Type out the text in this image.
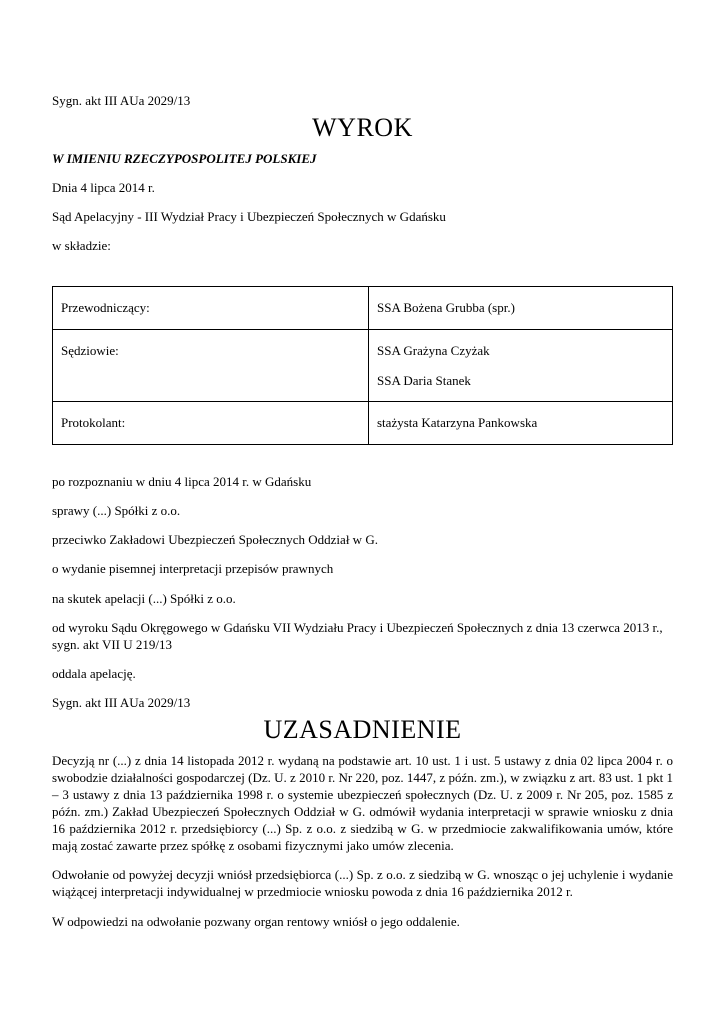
Sygn. akt III AUa 2029/13
WYROK
W IMIENIU RZECZYPOSPOLITEJ POLSKIEJ
Dnia 4 lipca 2014 r.
Sąd Apelacyjny - III Wydział Pracy i Ubezpieczeń Społecznych w Gdańsku
w składzie:
Przewodniczący:	SSA Bożena Grubba (spr.)
Sędziowie:	SSA Grażyna Czyżak
SSA Daria Stanek

Protokolant:	stażysta Katarzyna Pankowska
po rozpoznaniu w dniu 4 lipca 2014 r. w Gdańsku
sprawy (...) Spółki z o.o.
przeciwko Zakładowi Ubezpieczeń Społecznych Oddział w G.
o wydanie pisemnej interpretacji przepisów prawnych
na skutek apelacji (...) Spółki z o.o.
od wyroku Sądu Okręgowego w Gdańsku VII Wydziału Pracy i Ubezpieczeń Społecznych z dnia 13 czerwca 2013 r.,
sygn. akt VII U 219/13
oddala apelację.
Sygn. akt III AUa 2029/13
UZASADNIENIE
Decyzją nr (...) z dnia 14 listopada 2012 r. wydaną na podstawie art. 10 ust. 1 i ust. 5 ustawy z dnia 02 lipca 2004 r. o swobodzie działalności gospodarczej (Dz. U. z 2010 r. Nr 220, poz. 1447, z późn. zm.), w związku z art. 83 ust. 1 pkt 1 – 3 ustawy z dnia 13 października 1998 r. o systemie ubezpieczeń społecznych (Dz. U. z 2009 r. Nr 205, poz. 1585 z późn. zm.) Zakład Ubezpieczeń Społecznych Oddział w G. odmówił wydania interpretacji w sprawie wniosku z dnia 16 października 2012 r. przedsiębiorcy (...) Sp. z o.o. z siedzibą w G. w przedmiocie zakwalifikowania umów, które mają zostać zawarte przez spółkę z osobami fizycznymi jako umów zlecenia.
Odwołanie od powyżej decyzji wniósł przedsiębiorca (...) Sp. z o.o. z siedzibą w G. wnosząc o jej uchylenie i wydanie wiążącej interpretacji indywidualnej w przedmiocie wniosku powoda z dnia 16 października 2012 r.
W odpowiedzi na odwołanie pozwany organ rentowy wniósł o jego oddalenie.
